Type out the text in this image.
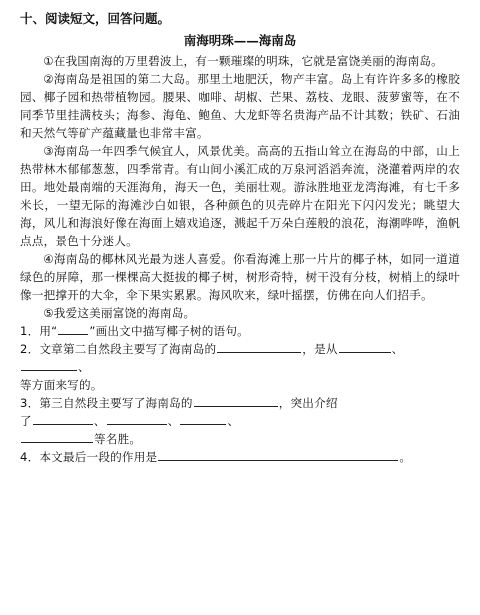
十、阅读短文，回答问题。
南海明珠——海南岛

①在我国南海的万里碧波上，有一颗璀璨的明珠，它就是富饶美丽的海南岛。

②海南岛是祖国的第二大岛。那里土地肥沃，物产丰富。岛上有许许多多的橡胶园、椰子园和热带植物园。腰果、咖啡、胡椒、芒果、荔枝、龙眼、菠萝蜜等，在不同季节里挂满枝头；海参、海龟、鲍鱼、大龙虾等名贵海产品不计其数；铁矿、石油和天然气等矿产蕴藏量也非常丰富。

③海南岛一年四季气候宜人，风景优美。高高的五指山耸立在海岛的中部，山上热带林木郁郁葱葱，四季常青。有山间小溪汇成的万泉河滔滔奔流，浇灌着两岸的农田。地处最南端的天涯海角，海天一色，美丽壮观。游泳胜地亚龙湾海滩，有七千多米长，一望无际的海滩沙白如银，各种颜色的贝壳碎片在阳光下闪闪发光；眺望大海，风儿和海浪好像在海面上嬉戏追逐，溅起千万朵白莲般的浪花，海潮哗哗，渔帆点点，景色十分迷人。

④海南岛的椰林风光最为迷人喜爱。你看海滩上那一片片的椰子林，如同一道道绿色的屏障，那一棵棵高大挺拔的椰子树，树形奇特，树干没有分枝，树梢上的绿叶像一把撑开的大伞，伞下果实累累。海风吹来，绿叶摇摆，仿佛在向人们招手。

⑤我爱这美丽富饶的海南岛。

1．用“	”画出文中描写椰子树的语句。

2．文章第二自然段主要写了海南岛的	，是从	、、

等方面来写的。

3．第三自然段主要写了海南岛的	，突出介绍

了	、	、	、

等名胜。

4．本文最后一段的作用是	。
